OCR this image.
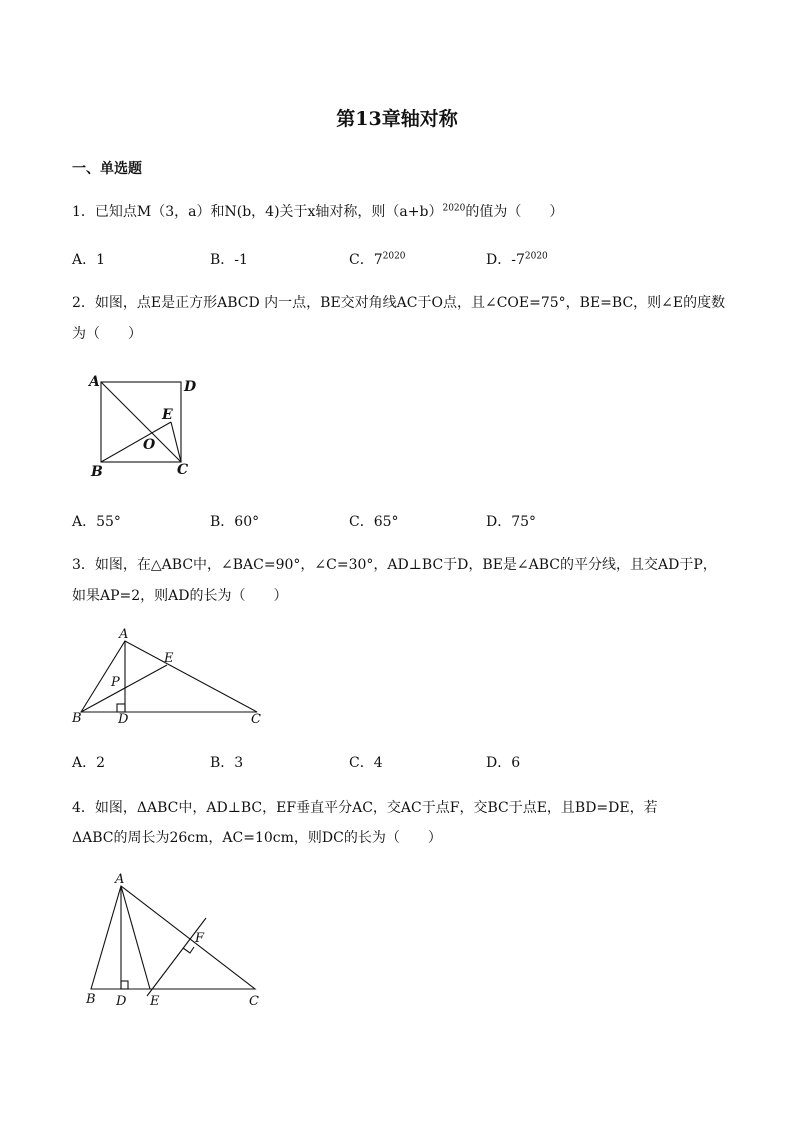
第13章轴对称
一、单选题
1．已知点M（3，a）和N(b，4)关于x轴对称，则$(a+b)^{2020}$的值为（　　）
A．1	B．-1	C．$7^{2020}$	D．$-7^{2020}$
2．如图，点E是正方形ABCD 内一点，BE交对角线AC于O点，且∠COE=75°，BE=BC，则∠E的度数
为（　　）
A	D
E
O
B	C
A．55°	B．60°	C．65°	D．75°
3．如图，在△ABC中，∠BAC=90°，∠C=30°，AD⊥BC于D，BE是∠ABC的平分线，且交AD于P，
如果AP=2，则AD的长为（　　）
A
E
P
B	D	C
A．2	B．3	C．4	D．6
4．如图，ΔABC中，AD⊥BC，EF垂直平分AC，交AC于点F，交BC于点E，且BD=DE，若
ΔABC的周长为26cm，AC=10cm，则DC的长为（　　）
A
F
B D E	C
